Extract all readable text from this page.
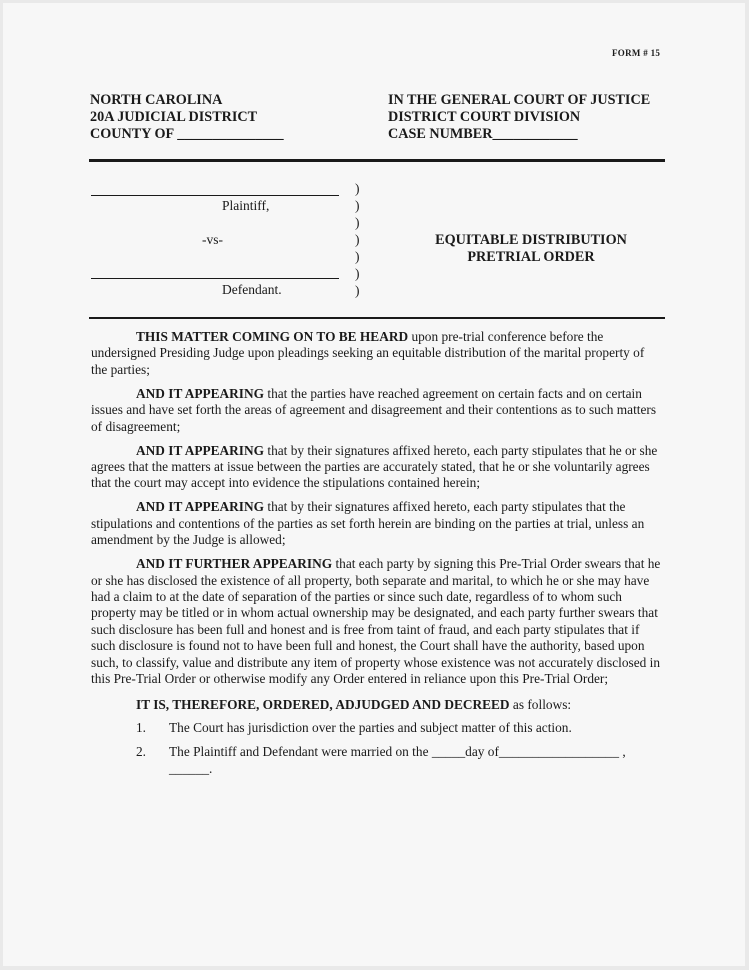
FORM # 15
NORTH CAROLINA
20A JUDICIAL DISTRICT
COUNTY OF _______________
IN THE GENERAL COURT OF JUSTICE
DISTRICT COURT DIVISION
CASE NUMBER____________
Plaintiff,
-vs-
Defendant.
)
)
)
)
)
)
)
EQUITABLE DISTRIBUTION
PRETRIAL ORDER

THIS MATTER COMING ON TO BE HEARD upon pre-trial conference before the undersigned Presiding Judge upon pleadings seeking an equitable distribution of the marital property of the parties;

AND IT APPEARING that the parties have reached agreement on certain facts and on certain issues and have set forth the areas of agreement and disagreement and their contentions as to such matters of disagreement;

AND IT APPEARING that by their signatures affixed hereto, each party stipulates that he or she agrees that the matters at issue between the parties are accurately stated, that he or she voluntarily agrees that the court may accept into evidence the stipulations contained herein;

AND IT APPEARING that by their signatures affixed hereto, each party stipulates that the stipulations and contentions of the parties as set forth herein are binding on the parties at trial, unless an amendment by the Judge is allowed;

AND IT FURTHER APPEARING that each party by signing this Pre-Trial Order swears that he or she has disclosed the existence of all property, both separate and marital, to which he or she may have had a claim to at the date of separation of the parties or since such date, regardless of to whom such property may be titled or in whom actual ownership may be designated, and each party further swears that such disclosure has been full and honest and is free from taint of fraud, and each party stipulates that if such disclosure is found not to have been full and honest, the Court shall have the authority, based upon such, to classify, value and distribute any item of property whose existence was not accurately disclosed in this Pre-Trial Order or otherwise modify any Order entered in reliance upon this Pre-Trial Order;

IT IS, THEREFORE, ORDERED, ADJUDGED AND DECREED as follows:
1.	The Court has jurisdiction over the parties and subject matter of this action.
2.	The Plaintiff and Defendant were married on the _____day of__________________ , ______.
